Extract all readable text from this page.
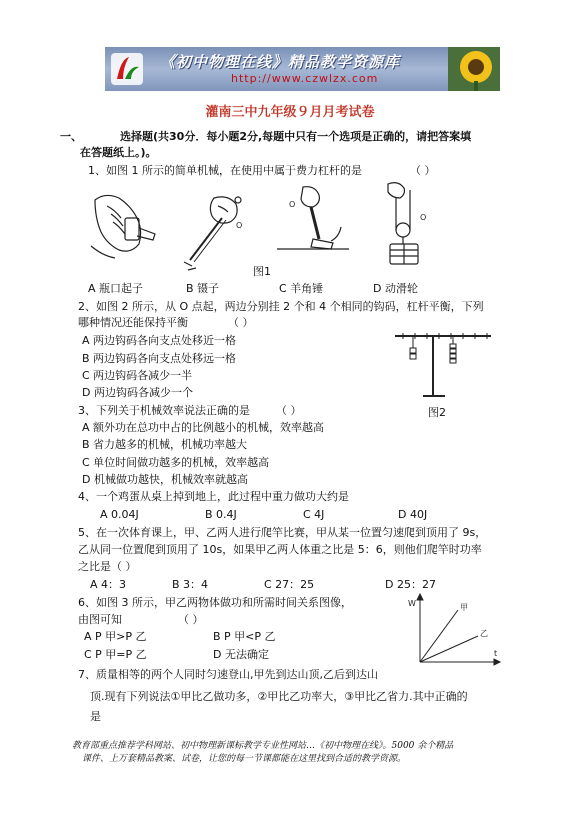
《初中物理在线》精品教学资源库
http://www.czwlzx.com
灌南三中九年级９月月考试卷
一、	选择题(共30分．每小题2分,每题中只有一个选项是正确的，请把答案填
在答题纸上。)。
1、如图 1 所示的简单机械，在使用中属于费力杠杆的是	（ ）
O
O
O
图1
A 瓶口起子	B 镊子	C 羊角锤	D 动滑轮
2、如图 2 所示，从 O 点起，两边分别挂 2 个和 4 个相同的钩码，杠杆平衡，下列
哪种情况还能保持平衡	（ ）
A 两边钩码各向支点处移近一格
B 两边钩码各向支点处移远一格
C 两边钩码各减少一半
D 两边钩码各减少一个
图2
3、下列关于机械效率说法正确的是 （ ）
A 额外功在总功中占的比例越小的机械，效率越高
B 省力越多的机械，机械功率越大
C 单位时间做功越多的机械，效率越高
D 机械做功越快，机械效率就越高
4、一个鸡蛋从桌上掉到地上，此过程中重力做功大约是
A 0.04J	B 0.4J	C 4J	D 40J
5、在一次体育课上，甲、乙两人进行爬竿比赛，甲从某一位置匀速爬到顶用了 9s，
乙从同一位置爬到顶用了 10s，如果甲乙两人体重之比是 5：6，则他们爬竿时功率
之比是（ ）
A 4：3	B 3：4	C 27：25	D 25：27
6、如图 3 所示，甲乙两物体做功和所需时间关系图像，
由图可知	（ ）
A P 甲>P 乙	B P 甲<P 乙
C P 甲=P 乙	D 无法确定
W
t
甲
乙
7、质量相等的两个人同时匀速登山,甲先到达山顶,乙后到达山
顶.现有下列说法①甲比乙做功多，②甲比乙功率大，③甲比乙省力.其中正确的
是
教育部重点推荐学科网站、初中物理新课标教学专业性网站…《初中物理在线》。5000 余个精品
课件、上万套精品教案、试卷，让您的每一节课都能在这里找到合适的教学资源。
